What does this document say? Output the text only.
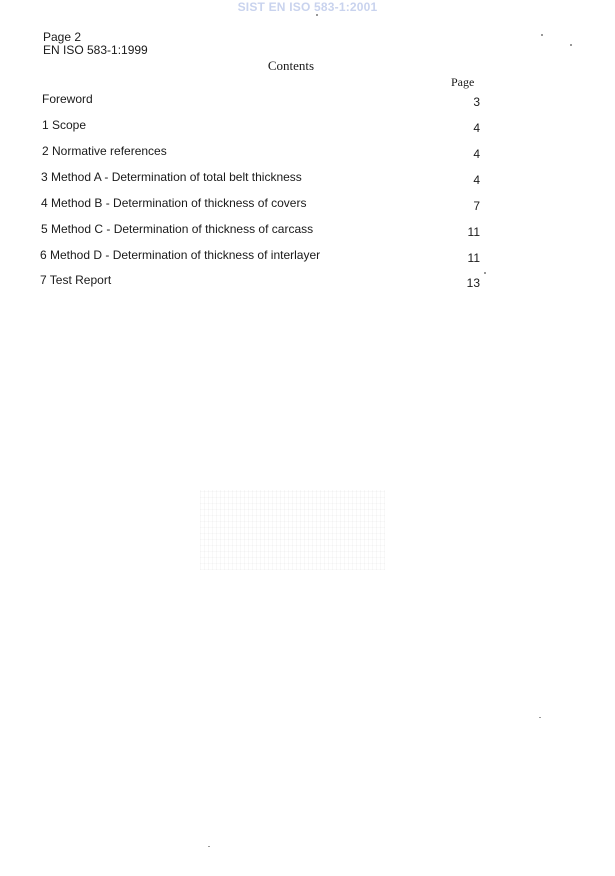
SIST EN ISO 583-1:2001
Page 2
EN ISO 583-1:1999
Contents
Page
Foreword	3
1 Scope	4
2 Normative references	4
3 Method A - Determination of total belt thickness	4
4 Method B - Determination of thickness of covers	7
5 Method C - Determination of thickness of carcass	11
6 Method D - Determination of thickness of interlayer	11
7 Test Report	13
